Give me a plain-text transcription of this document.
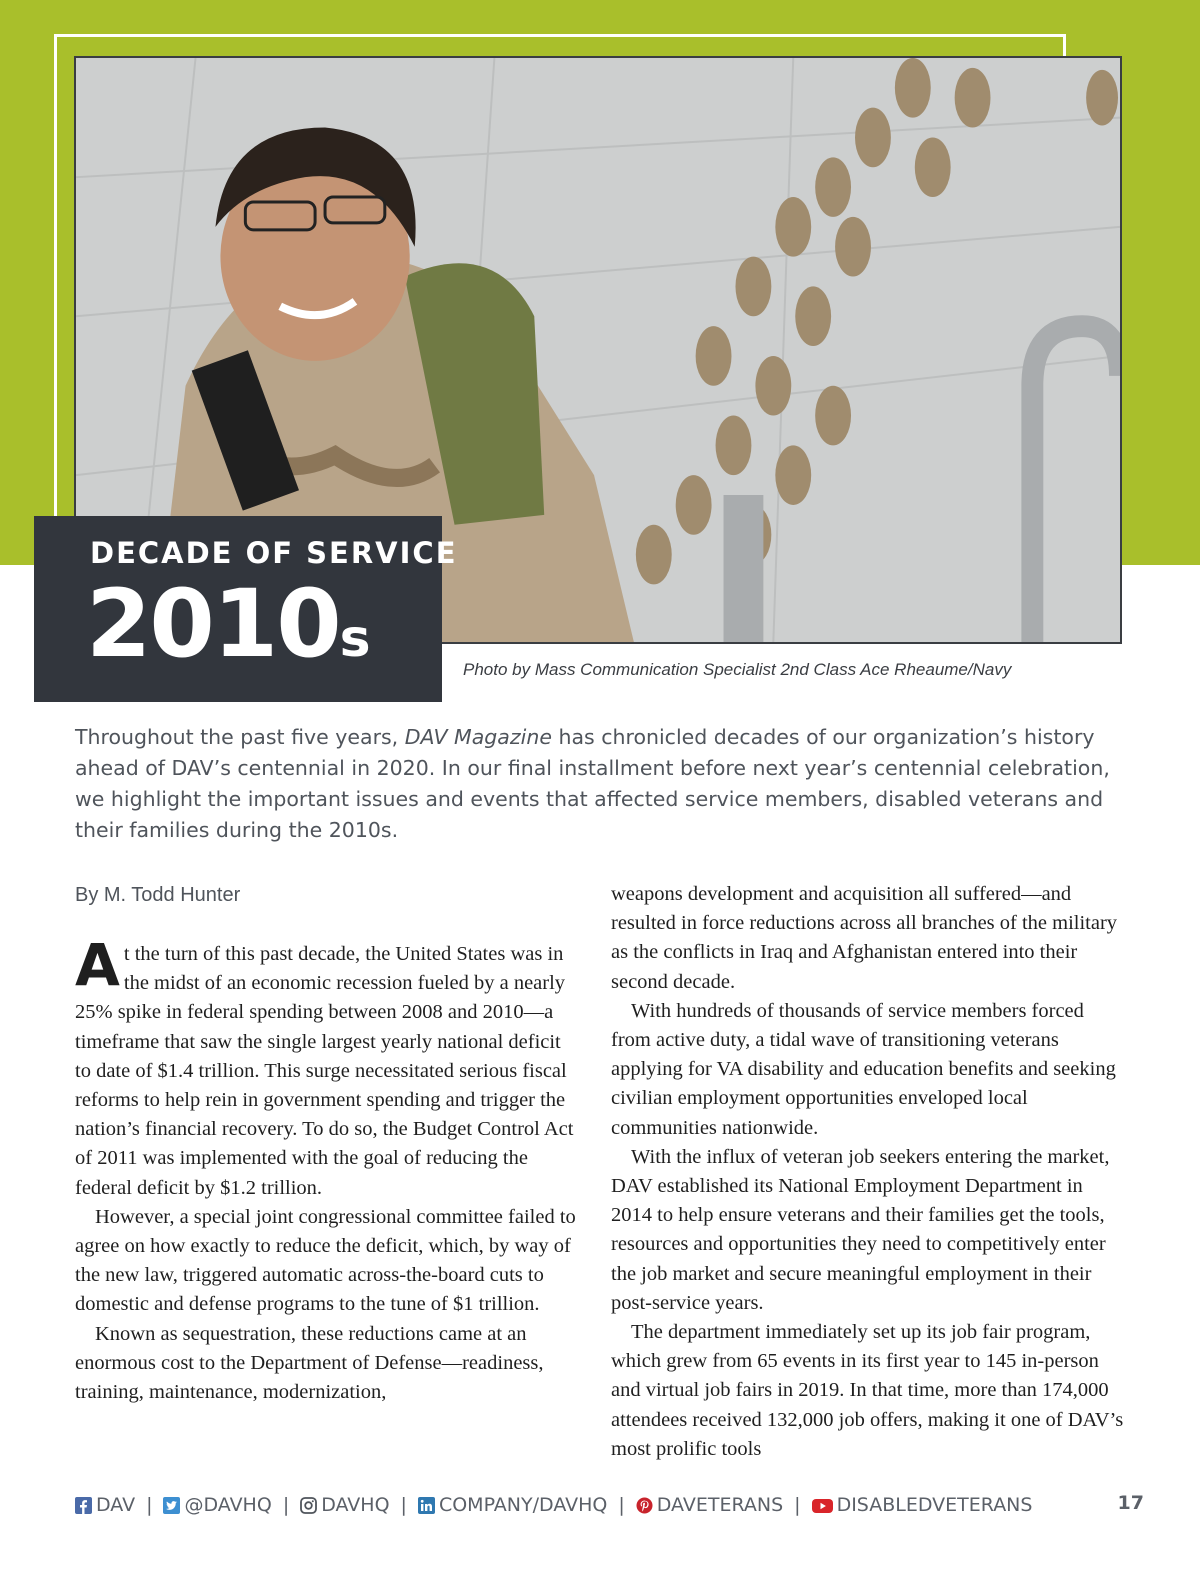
DECADE OF SERVICE
2010s
Photo by Mass Communication Specialist 2nd Class Ace Rheaume/Navy
Throughout the past five years, DAV Magazine has chronicled decades of our organization’s history ahead of DAV’s centennial in 2020. In our final installment before next year’s centennial celebration, we highlight the important issues and events that affected service members, disabled veterans and their families during the 2010s.
By M. Todd Hunter

At the turn of this past decade, the United States was in the midst of an economic recession fueled by a nearly 25% spike in federal spending between 2008 and 2010—a timeframe that saw the single largest yearly national deficit to date of $1.4 trillion. This surge necessitated serious fiscal reforms to help rein in government spending and trigger the nation’s financial recovery. To do so, the Budget Control Act of 2011 was implemented with the goal of reducing the federal deficit by $1.2 trillion.

However, a special joint congressional committee failed to agree on how exactly to reduce the deficit, which, by way of the new law, triggered automatic across-the-board cuts to domestic and defense programs to the tune of $1 trillion.

Known as sequestration, these reductions came at an enormous cost to the Department of Defense—readiness, training, maintenance, modernization,

weapons development and acquisition all suffered—and resulted in force reductions across all branches of the military as the conflicts in Iraq and Afghanistan entered into their second decade.

With hundreds of thousands of service members forced from active duty, a tidal wave of transitioning veterans applying for VA disability and education benefits and seeking civilian employment opportunities enveloped local communities nationwide.

With the influx of veteran job seekers entering the market, DAV established its National Employment Department in 2014 to help ensure veterans and their families get the tools, resources and opportunities they need to competitively enter the job market and secure meaningful employment in their post-service years.

The department immediately set up its job fair program, which grew from 65 events in its first year to 145 in-person and virtual job fairs in 2019. In that time, more than 174,000 attendees received 132,000 job offers, making it one of DAV’s most prolific tools

DAV | @DAVHQ | DAVHQ | COMPANY/DAVHQ | DAVETERANS | DISABLEDVETERANS	17
